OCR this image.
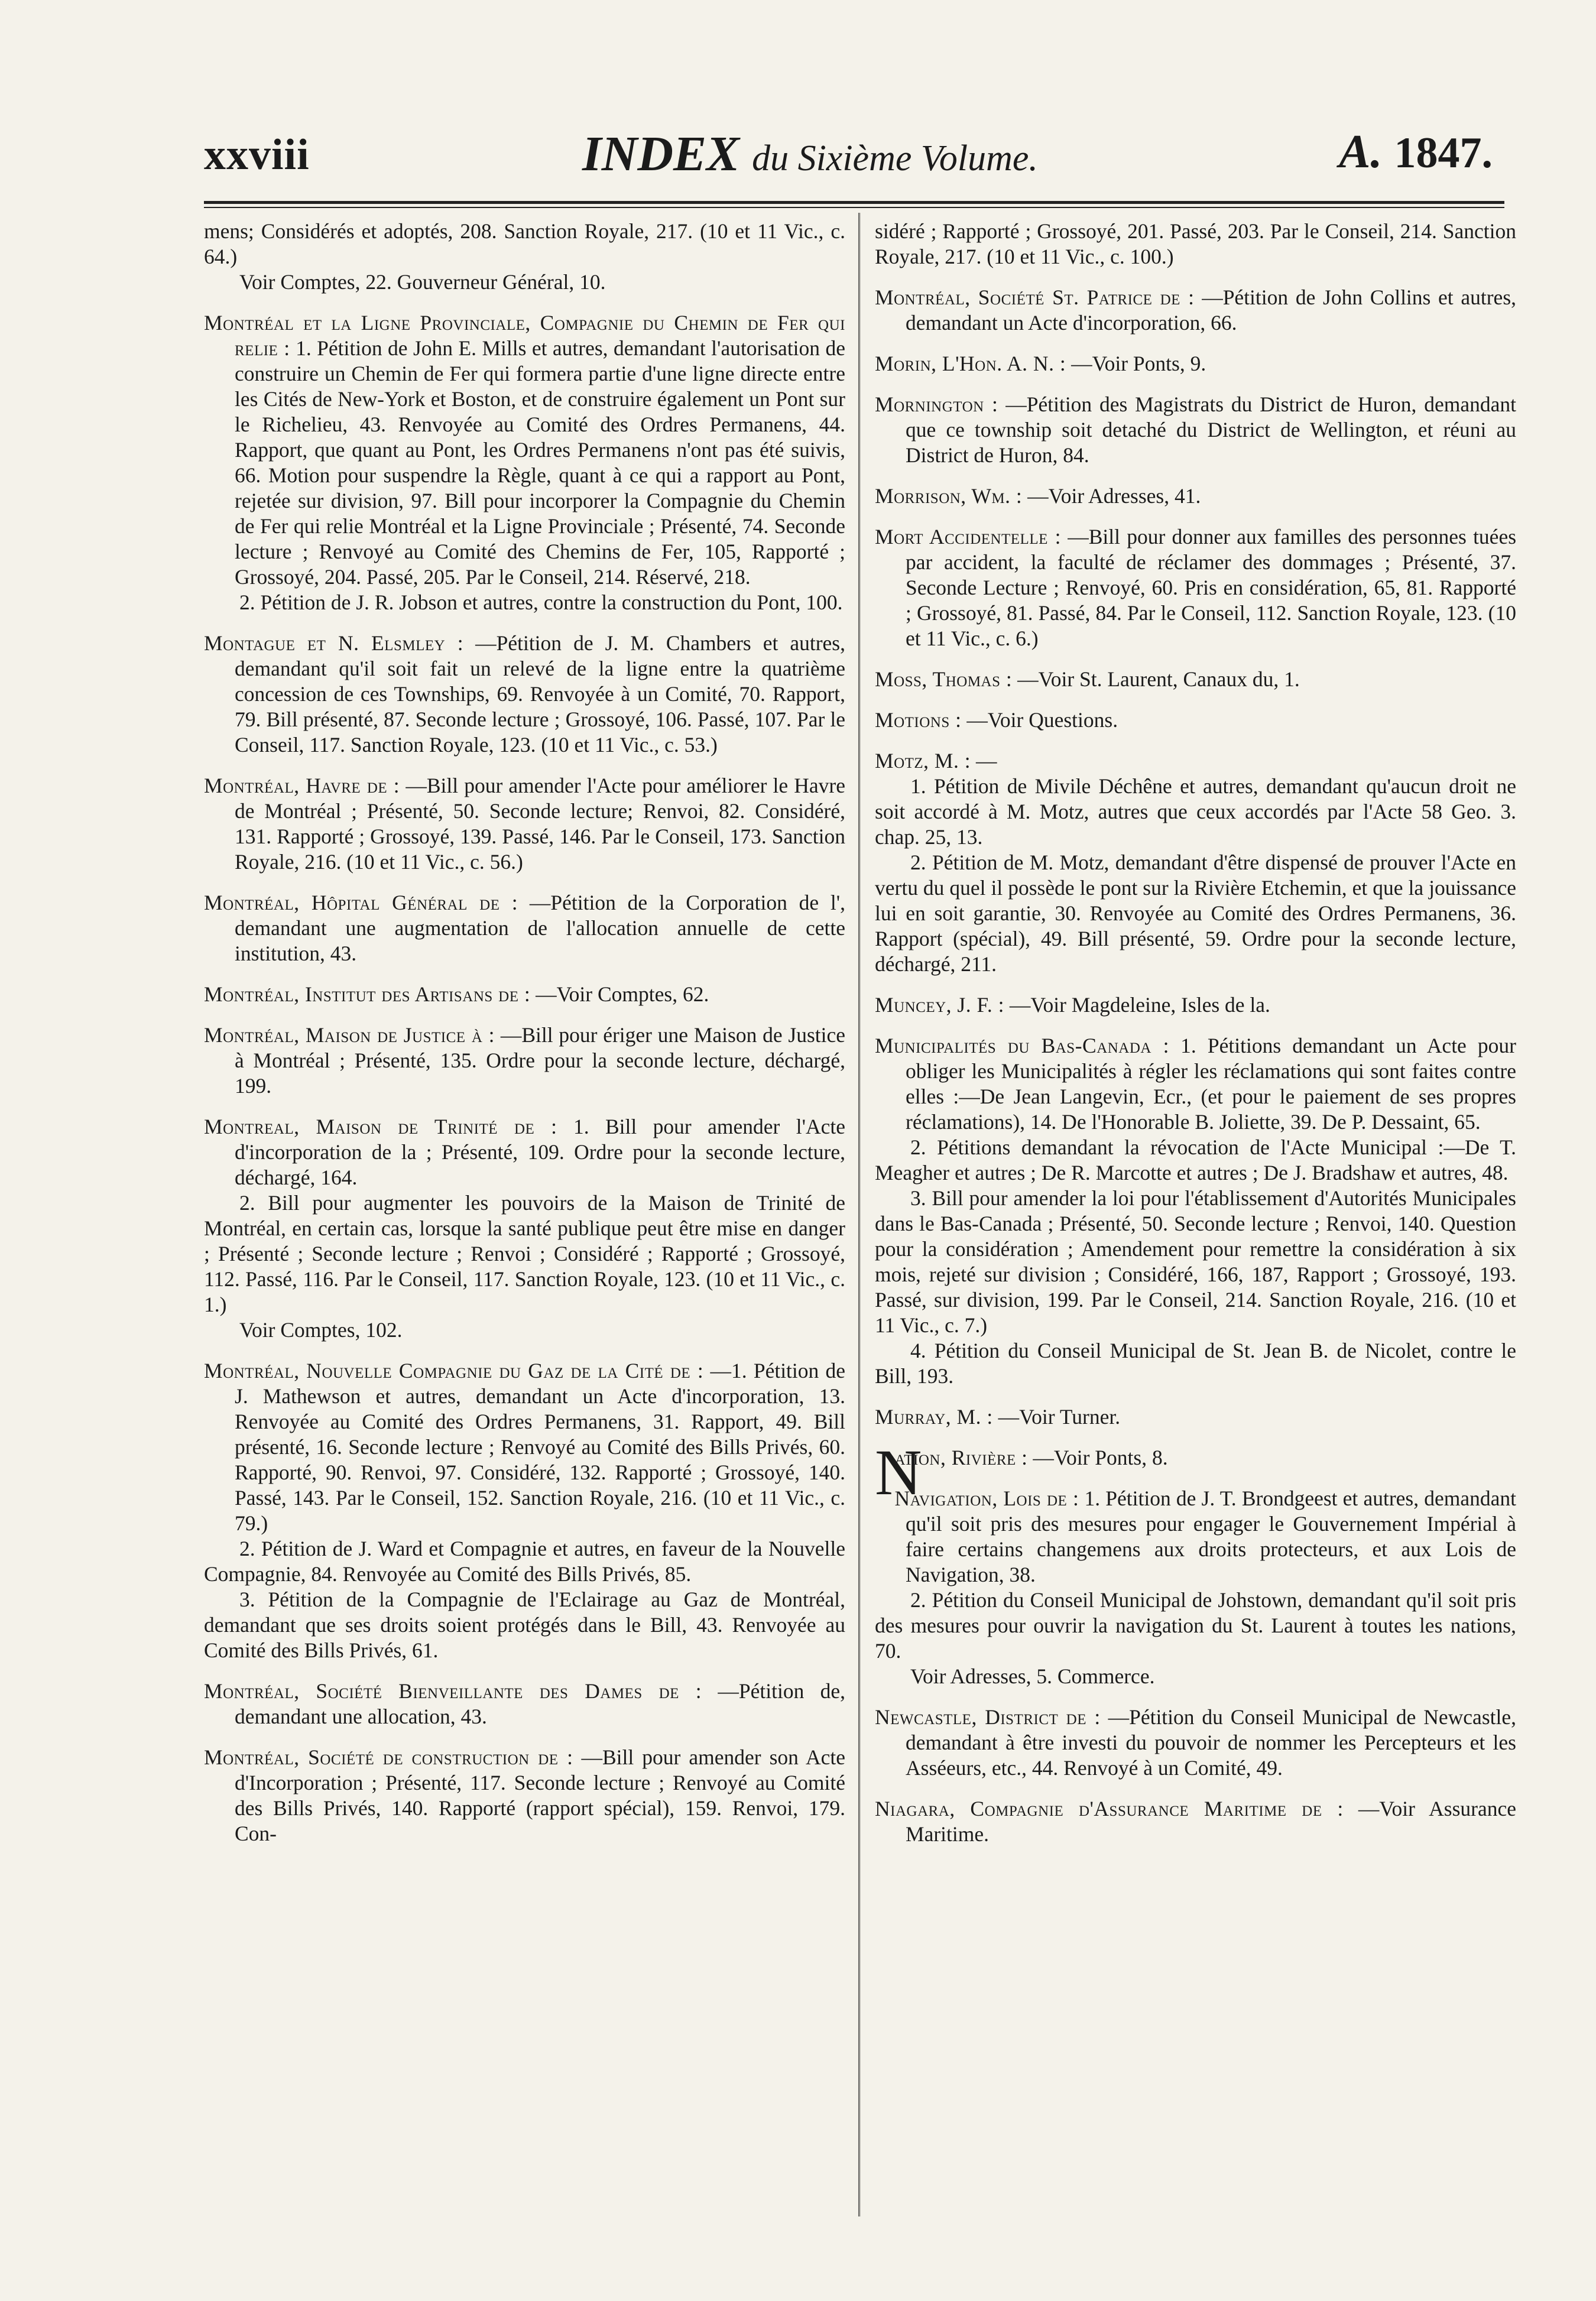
xxviii	INDEX du Sixième Volume.	A. 1847.

mens; Considérés et adoptés, 208. Sanction Royale, 217. (10 et 11 Vic., c. 64.)

Voir Comptes, 22. Gouverneur Général, 10.

Montréal et la Ligne Provinciale, Compagnie du Chemin de Fer qui relie : 1. Pétition de John E. Mills et autres, demandant l'autorisation de construire un Chemin de Fer qui formera partie d'une ligne directe entre les Cités de New-York et Boston, et de construire également un Pont sur le Richelieu, 43. Renvoyée au Comité des Ordres Permanens, 44. Rapport, que quant au Pont, les Ordres Permanens n'ont pas été suivis, 66. Motion pour suspendre la Règle, quant à ce qui a rapport au Pont, rejetée sur division, 97. Bill pour incorporer la Compagnie du Chemin de Fer qui relie Montréal et la Ligne Provinciale ; Présenté, 74. Seconde lecture ; Renvoyé au Comité des Chemins de Fer, 105, Rapporté ; Grossoyé, 204. Passé, 205. Par le Conseil, 214. Réservé, 218.

2. Pétition de J. R. Jobson et autres, contre la construction du Pont, 100.

Montague et N. Elsmley : —Pétition de J. M. Chambers et autres, demandant qu'il soit fait un relevé de la ligne entre la quatrième concession de ces Townships, 69. Renvoyée à un Comité, 70. Rapport, 79. Bill présenté, 87. Seconde lecture ; Grossoyé, 106. Passé, 107. Par le Conseil, 117. Sanction Royale, 123. (10 et 11 Vic., c. 53.)

Montréal, Havre de : —Bill pour amender l'Acte pour améliorer le Havre de Montréal ; Présenté, 50. Seconde lecture; Renvoi, 82. Considéré, 131. Rapporté ; Grossoyé, 139. Passé, 146. Par le Conseil, 173. Sanction Royale, 216. (10 et 11 Vic., c. 56.)

Montréal, Hôpital Général de : —Pétition de la Corporation de l', demandant une augmentation de l'allocation annuelle de cette institution, 43.

Montréal, Institut des Artisans de : —Voir Comptes, 62.

Montréal, Maison de Justice à : —Bill pour ériger une Maison de Justice à Montréal ; Présenté, 135. Ordre pour la seconde lecture, déchargé, 199.

Montreal, Maison de Trinité de : 1. Bill pour amender l'Acte d'incorporation de la ; Présenté, 109. Ordre pour la seconde lecture, déchargé, 164.

2. Bill pour augmenter les pouvoirs de la Maison de Trinité de Montréal, en certain cas, lorsque la santé publique peut être mise en danger ; Présenté ; Seconde lecture ; Renvoi ; Considéré ; Rapporté ; Grossoyé, 112. Passé, 116. Par le Conseil, 117. Sanction Royale, 123. (10 et 11 Vic., c. 1.)

Voir Comptes, 102.

Montréal, Nouvelle Compagnie du Gaz de la Cité de : —1. Pétition de J. Mathewson et autres, demandant un Acte d'incorporation, 13. Renvoyée au Comité des Ordres Permanens, 31. Rapport, 49. Bill présenté, 16. Seconde lecture ; Renvoyé au Comité des Bills Privés, 60. Rapporté, 90. Renvoi, 97. Considéré, 132. Rapporté ; Grossoyé, 140. Passé, 143. Par le Conseil, 152. Sanction Royale, 216. (10 et 11 Vic., c. 79.)

2. Pétition de J. Ward et Compagnie et autres, en faveur de la Nouvelle Compagnie, 84. Renvoyée au Comité des Bills Privés, 85.

3. Pétition de la Compagnie de l'Eclairage au Gaz de Montréal, demandant que ses droits soient protégés dans le Bill, 43. Renvoyée au Comité des Bills Privés, 61.

Montréal, Société Bienveillante des Dames de : —Pétition de, demandant une allocation, 43.

Montréal, Société de construction de : —Bill pour amender son Acte d'Incorporation ; Présenté, 117. Seconde lecture ; Renvoyé au Comité des Bills Privés, 140. Rapporté (rapport spécial), 159. Renvoi, 179. Con-

sidéré ; Rapporté ; Grossoyé, 201. Passé, 203. Par le Conseil, 214. Sanction Royale, 217. (10 et 11 Vic., c. 100.)

Montréal, Société St. Patrice de : —Pétition de John Collins et autres, demandant un Acte d'incorporation, 66.

Morin, L'Hon. A. N. : —Voir Ponts, 9.

Mornington : —Pétition des Magistrats du District de Huron, demandant que ce township soit detaché du District de Wellington, et réuni au District de Huron, 84.

Morrison, Wm. : —Voir Adresses, 41.

Mort Accidentelle : —Bill pour donner aux familles des personnes tuées par accident, la faculté de réclamer des dommages ; Présenté, 37. Seconde Lecture ; Renvoyé, 60. Pris en considération, 65, 81. Rapporté ; Grossoyé, 81. Passé, 84. Par le Conseil, 112. Sanction Royale, 123. (10 et 11 Vic., c. 6.)

Moss, Thomas : —Voir St. Laurent, Canaux du, 1.

Motions : —Voir Questions.

Motz, M. : —

1. Pétition de Mivile Déchêne et autres, demandant qu'aucun droit ne soit accordé à M. Motz, autres que ceux accordés par l'Acte 58 Geo. 3. chap. 25, 13.

2. Pétition de M. Motz, demandant d'être dispensé de prouver l'Acte en vertu du quel il possède le pont sur la Rivière Etchemin, et que la jouissance lui en soit garantie, 30. Renvoyée au Comité des Ordres Permanens, 36. Rapport (spécial), 49. Bill présenté, 59. Ordre pour la seconde lecture, déchargé, 211.

Muncey, J. F. : —Voir Magdeleine, Isles de la.

Municipalités du Bas-Canada : 1. Pétitions demandant un Acte pour obliger les Municipalités à régler les réclamations qui sont faites contre elles :—De Jean Langevin, Ecr., (et pour le paiement de ses propres réclamations), 14. De l'Honorable B. Joliette, 39. De P. Dessaint, 65.

2. Pétitions demandant la révocation de l'Acte Municipal :—De T. Meagher et autres ; De R. Marcotte et autres ; De J. Bradshaw et autres, 48.

3. Bill pour amender la loi pour l'établissement d'Autorités Municipales dans le Bas-Canada ; Présenté, 50. Seconde lecture ; Renvoi, 140. Question pour la considération ; Amendement pour remettre la considération à six mois, rejeté sur division ; Considéré, 166, 187, Rapport ; Grossoyé, 193. Passé, sur division, 199. Par le Conseil, 214. Sanction Royale, 216. (10 et 11 Vic., c. 7.)

4. Pétition du Conseil Municipal de St. Jean B. de Nicolet, contre le Bill, 193.

Murray, M. : —Voir Turner.

N
ation, Rivière : —Voir Ponts, 8.

Navigation, Lois de : 1. Pétition de J. T. Brondgeest et autres, demandant qu'il soit pris des mesures pour engager le Gouvernement Impérial à faire certains changemens aux droits protecteurs, et aux Lois de Navigation, 38.

2. Pétition du Conseil Municipal de Johstown, demandant qu'il soit pris des mesures pour ouvrir la navigation du St. Laurent à toutes les nations, 70.

Voir Adresses, 5. Commerce.

Newcastle, District de : —Pétition du Conseil Municipal de Newcastle, demandant à être investi du pouvoir de nommer les Percepteurs et les Asséeurs, etc., 44. Renvoyé à un Comité, 49.

Niagara, Compagnie d'Assurance Maritime de : —Voir Assurance Maritime.
